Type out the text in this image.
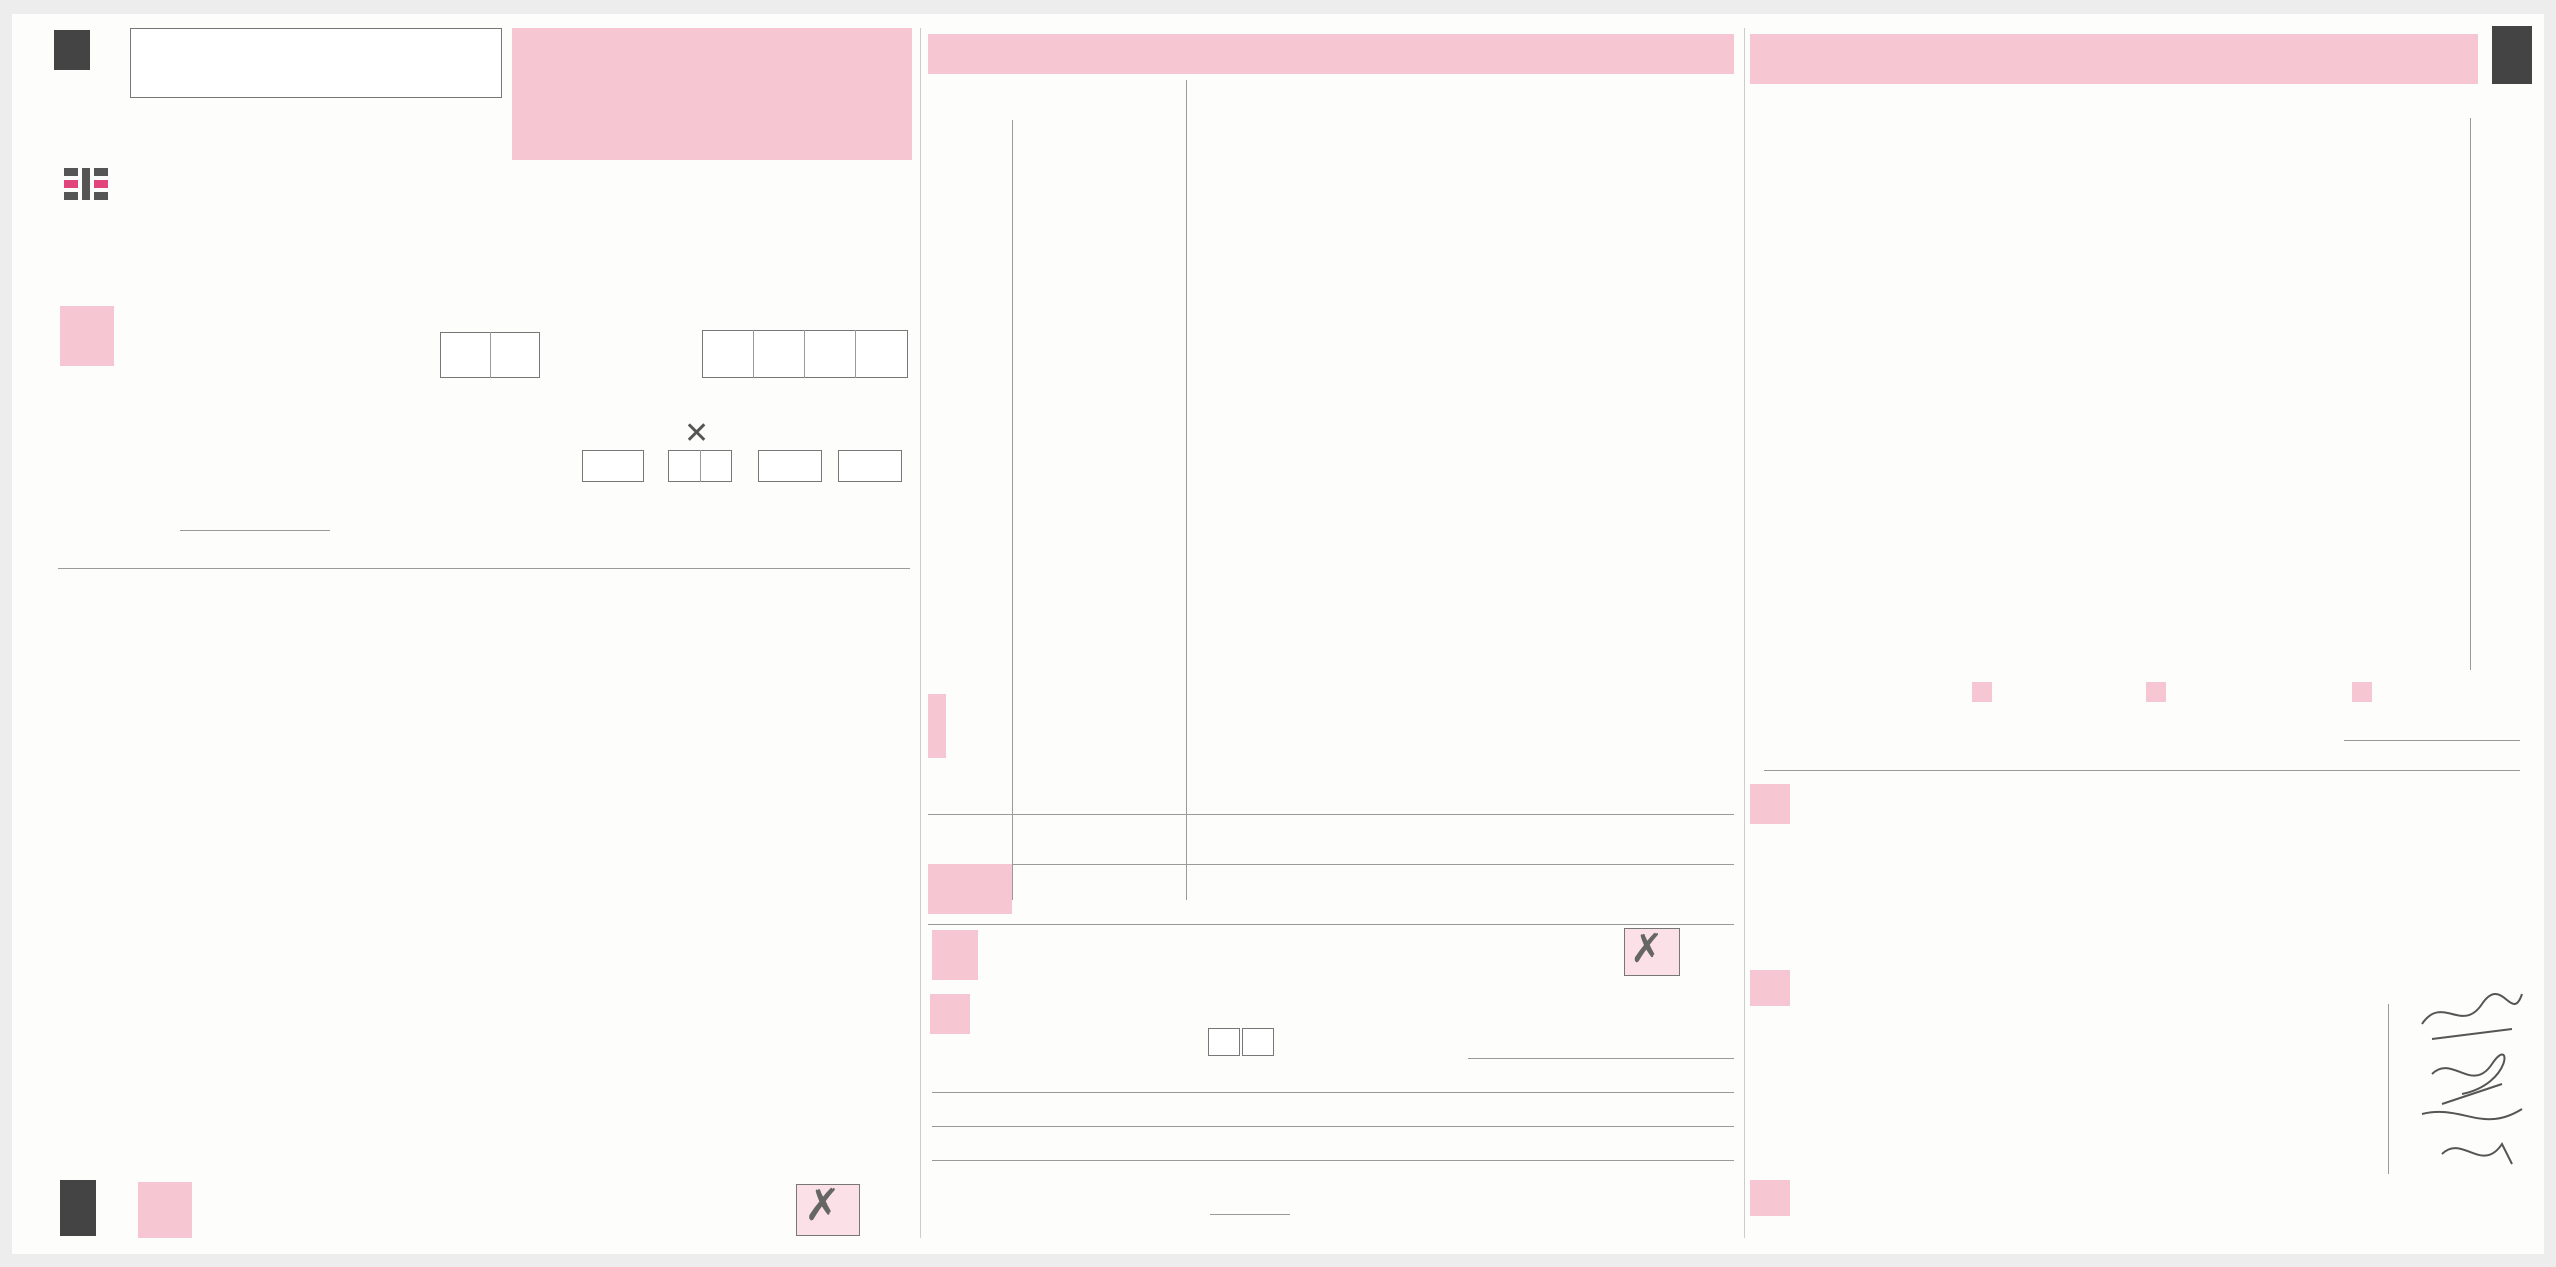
✕
✗
✗
